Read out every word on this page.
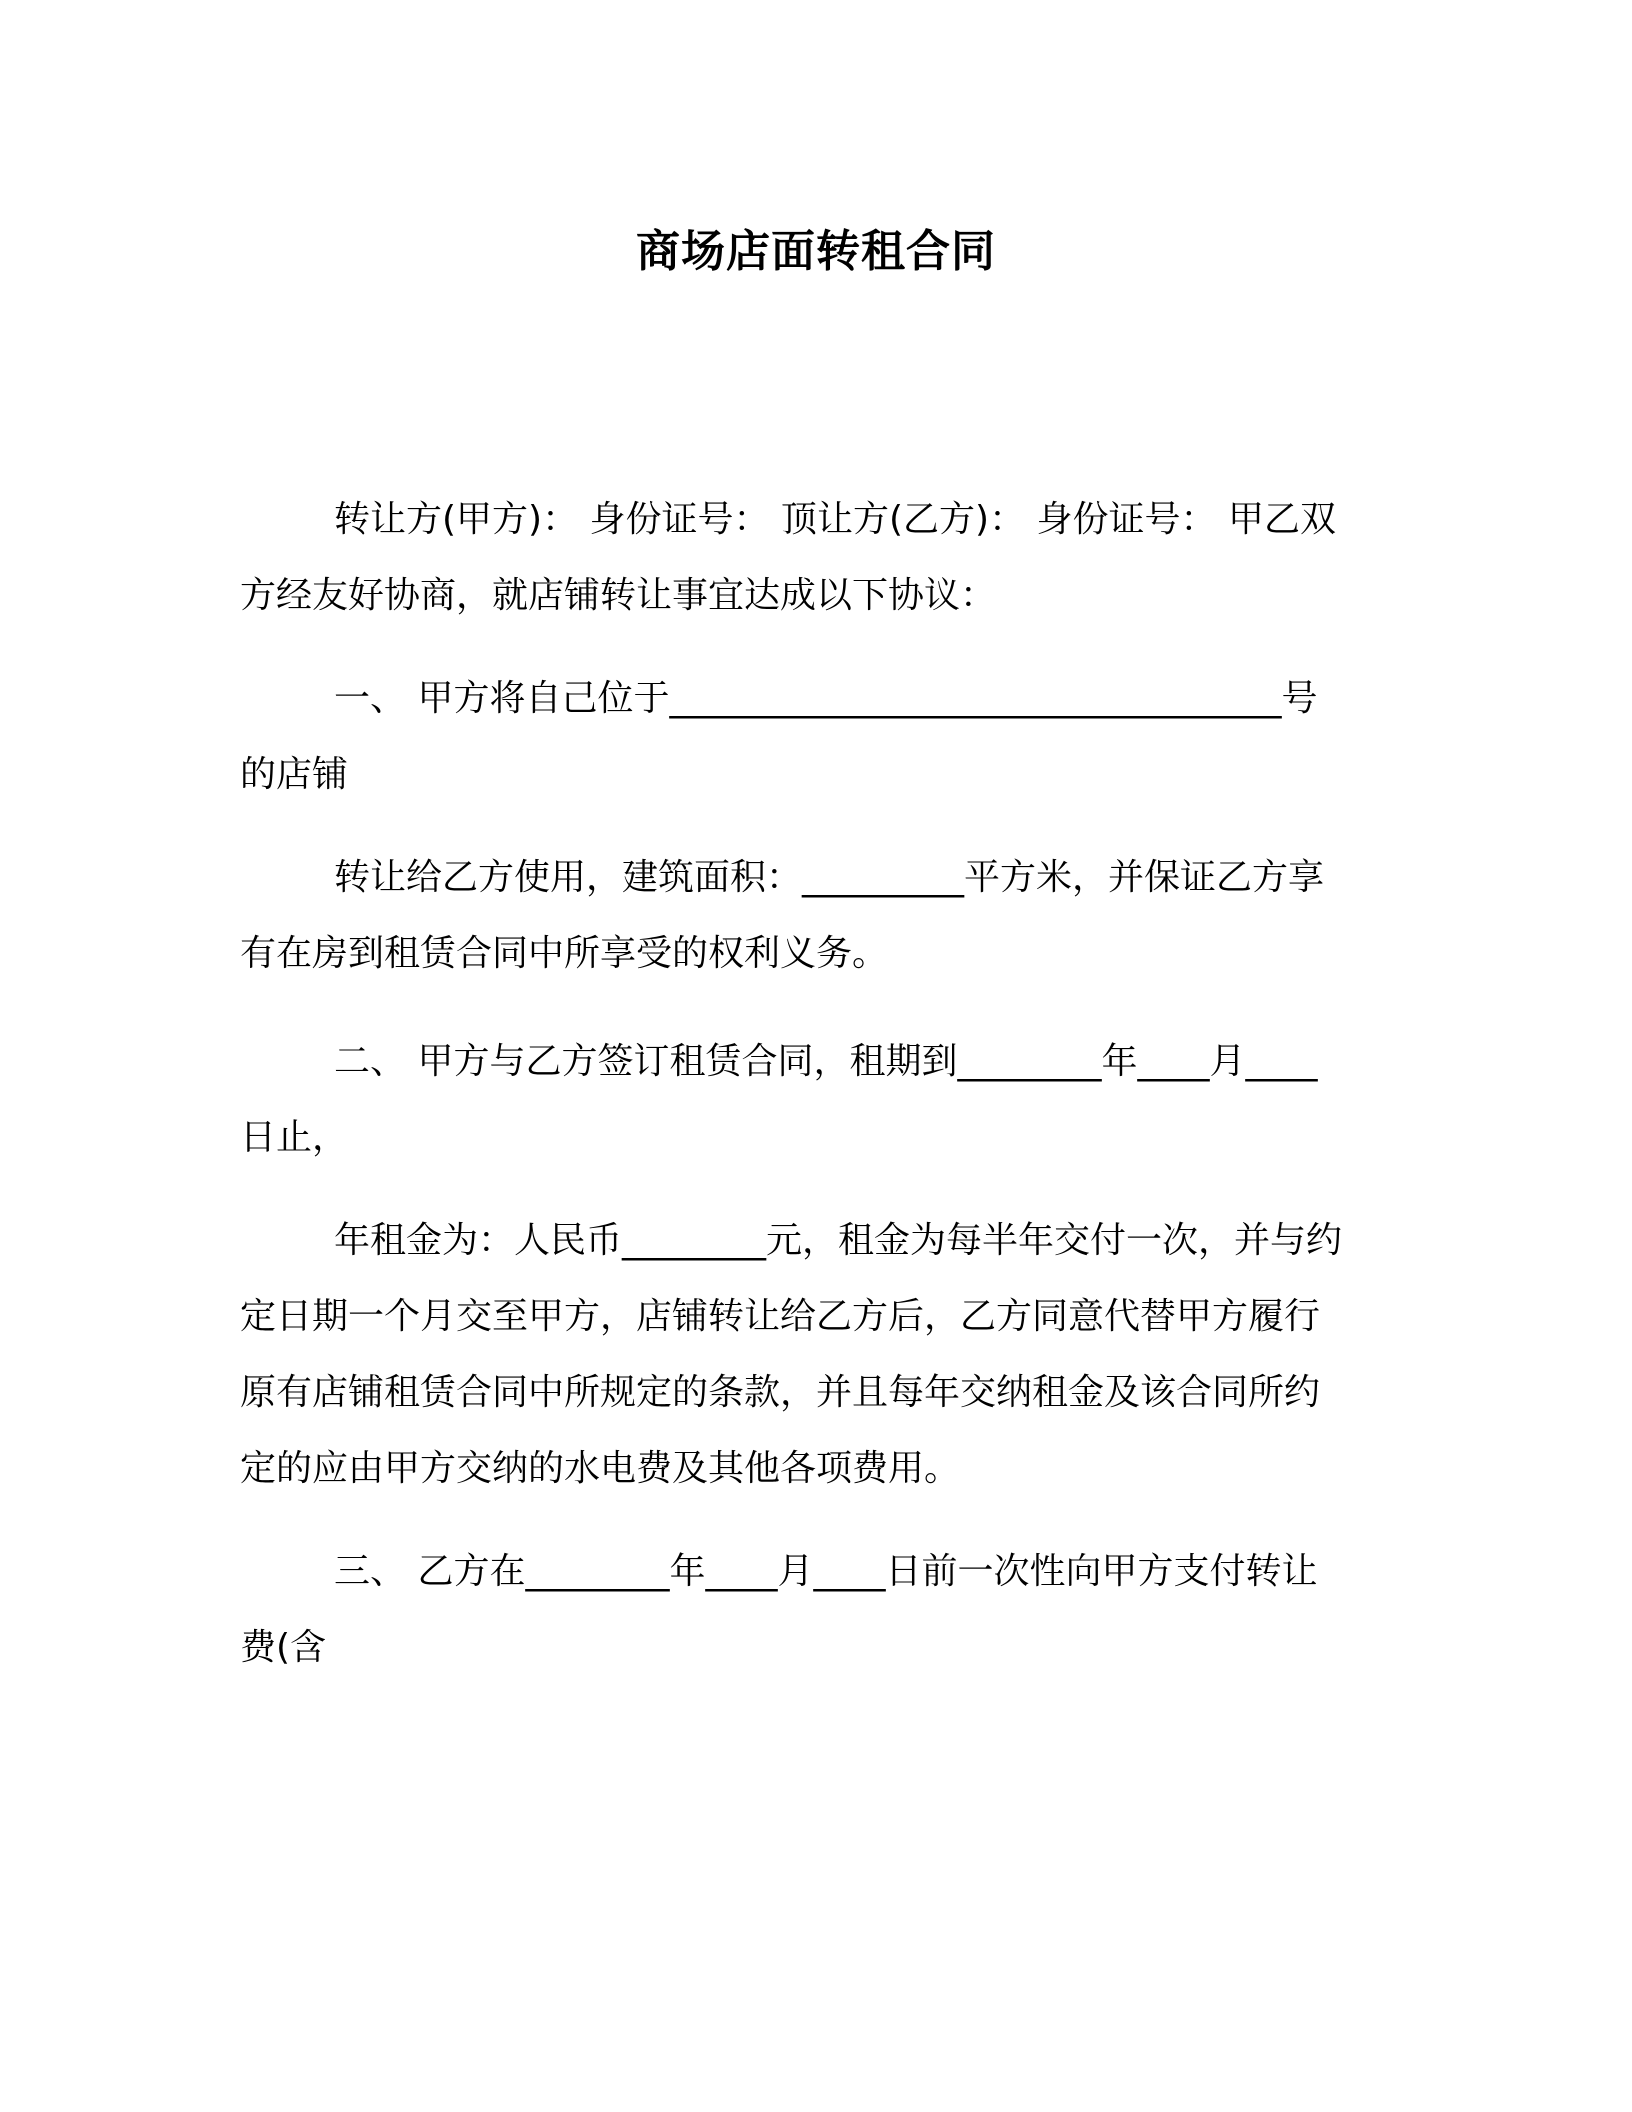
商场店面转租合同
转让方(甲方)： 身份证号： 顶让方(乙方)： 身份证号： 甲乙双
方经友好协商，就店铺转让事宜达成以下协议：
一、 甲方将自己位于__________________________________号
的店铺
转让给乙方使用，建筑面积：_________平方米，并保证乙方享
有在房到租赁合同中所享受的权利义务。
二、 甲方与乙方签订租赁合同，租期到________年____月____
日止，
年租金为：人民币________元，租金为每半年交付一次，并与约
定日期一个月交至甲方，店铺转让给乙方后，乙方同意代替甲方履行
原有店铺租赁合同中所规定的条款，并且每年交纳租金及该合同所约
定的应由甲方交纳的水电费及其他各项费用。
三、 乙方在________年____月____日前一次性向甲方支付转让
费(含
